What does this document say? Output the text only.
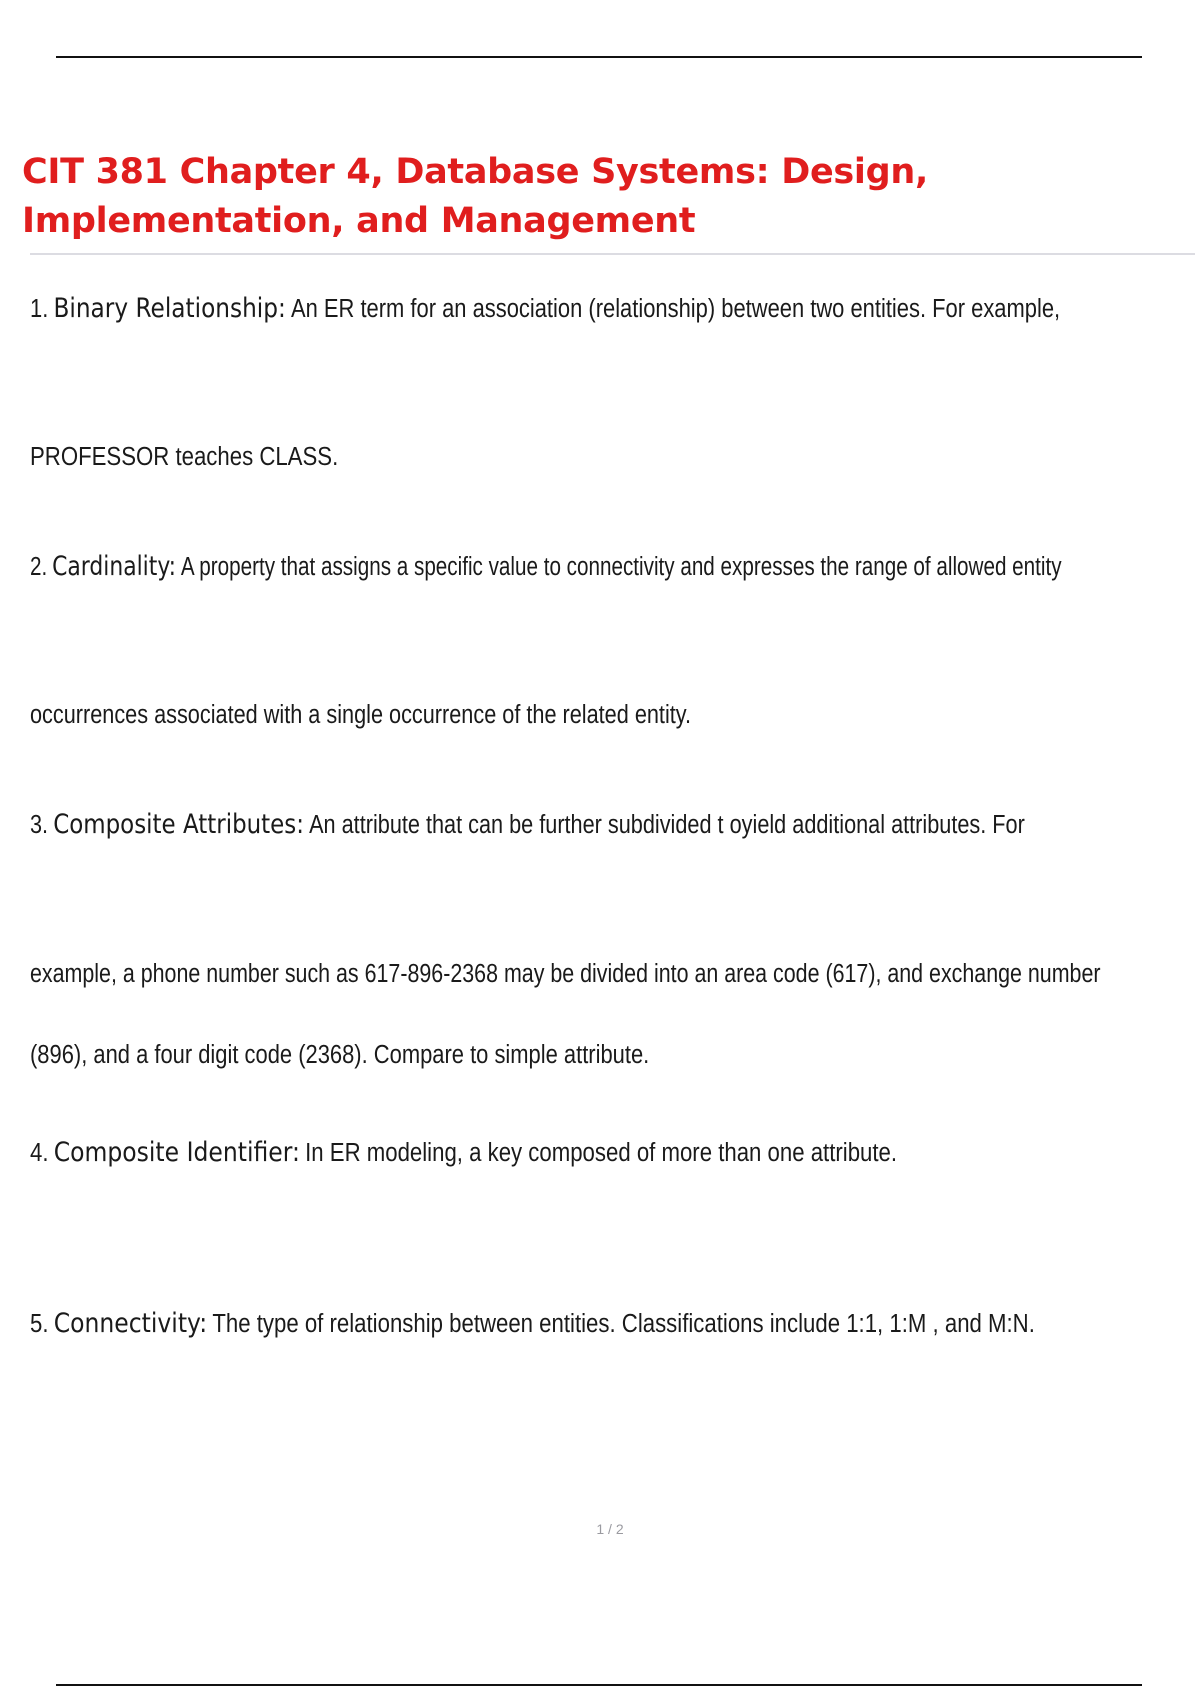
CIT 381 Chapter 4, Database Systems: Design, Implementation, and Management

1. Binary Relationship: An ER term for an association (relationship) between two entities. For example,

PROFESSOR teaches CLASS.

2. Cardinality: A property that assigns a specific value to connectivity and expresses the range of allowed entity

occurrences associated with a single occurrence of the related entity.

3. Composite Attributes: An attribute that can be further subdivided t oyield additional attributes. For

example, a phone number such as 617-896-2368 may be divided into an area code (617), and exchange number

(896), and a four digit code (2368). Compare to simple attribute.

4. Composite Identifier: In ER modeling, a key composed of more than one attribute.

5. Connectivity: The type of relationship between entities. Classifications include 1:1, 1:M , and M:N.

1 / 2
